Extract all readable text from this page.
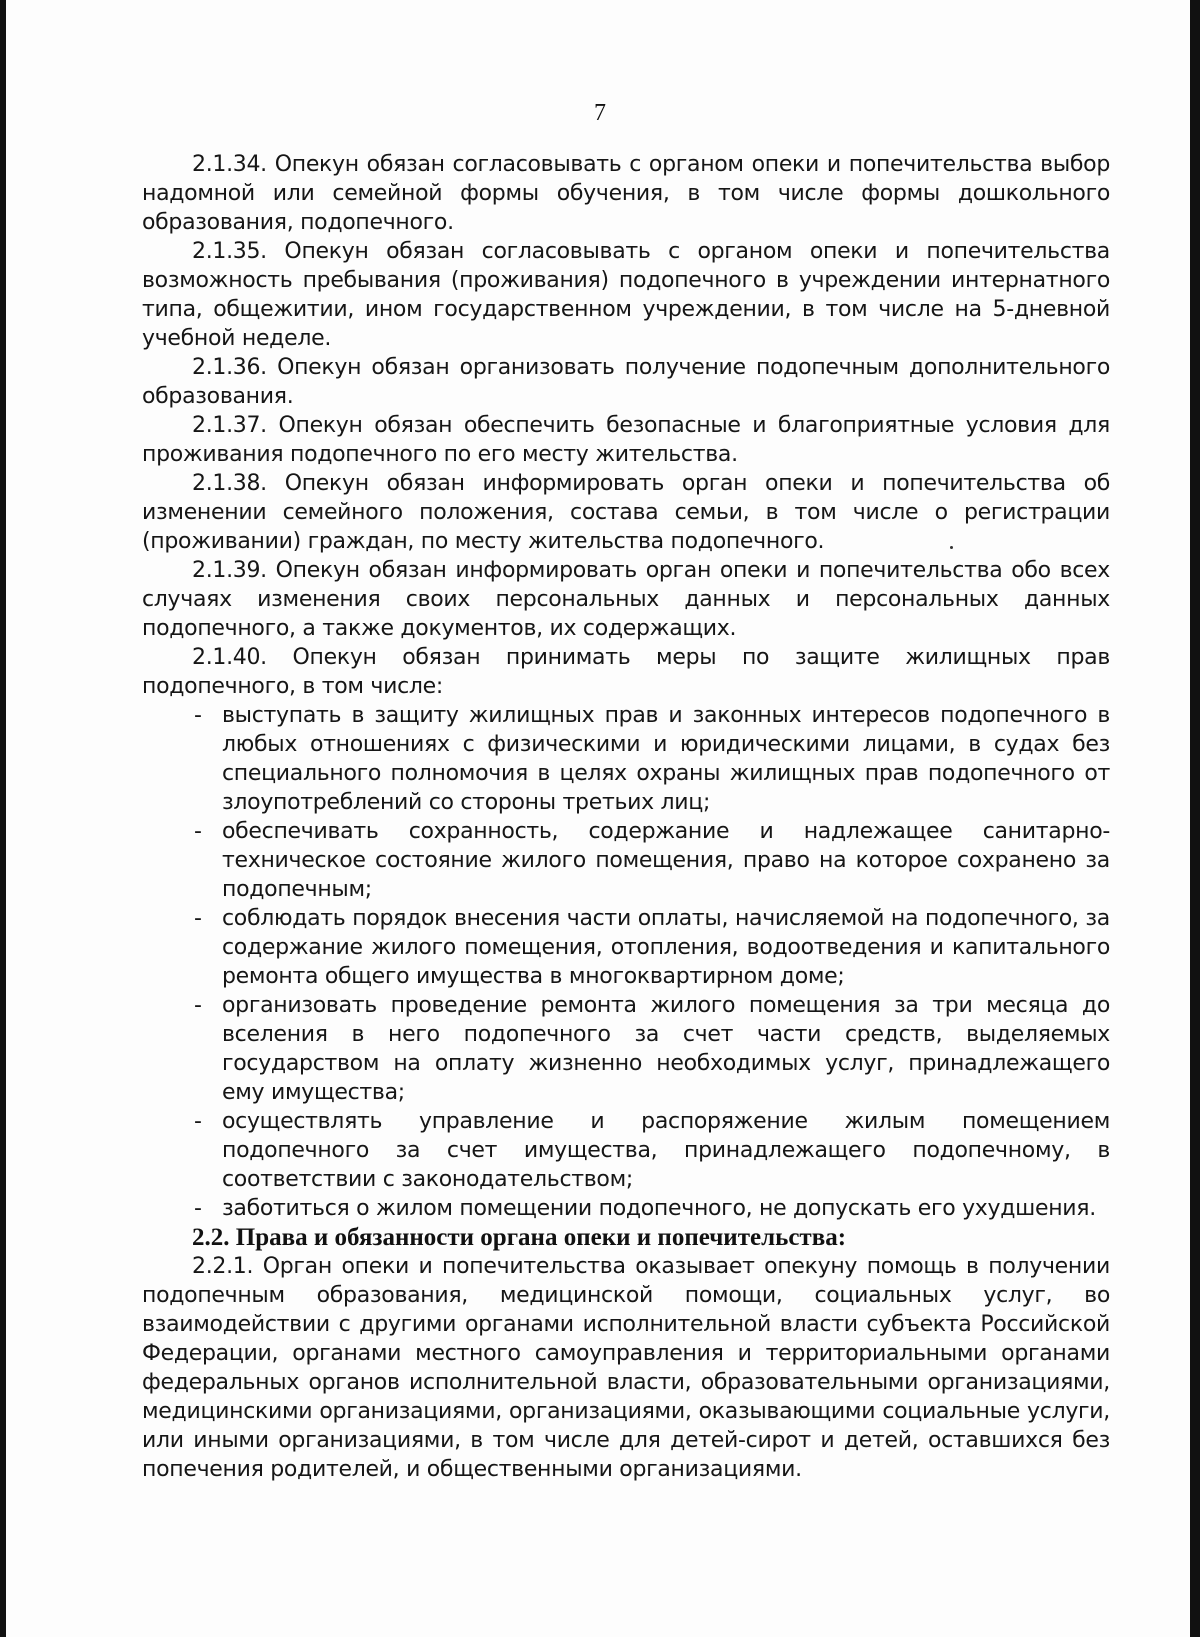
7

2.1.34. Опекун обязан согласовывать с органом опеки и попечительства выбор надомной или семейной формы обучения, в том числе формы дошкольного образования, подопечного.

2.1.35. Опекун обязан согласовывать с органом опеки и попечительства возможность пребывания (проживания) подопечного в учреждении интернатного типа, общежитии, ином государственном учреждении, в том числе на 5-дневной учебной неделе.

2.1.36. Опекун обязан организовать получение подопечным дополнительного образования.

2.1.37. Опекун обязан обеспечить безопасные и благоприятные условия для проживания подопечного по его месту жительства.

2.1.38. Опекун обязан информировать орган опеки и попечительства об изменении семейного положения, состава семьи, в том числе о регистрации (проживании) граждан, по месту жительства подопечного.

2.1.39. Опекун обязан информировать орган опеки и попечительства обо всех случаях изменения своих персональных данных и персональных данных подопечного, а также документов, их содержащих.

2.1.40. Опекун обязан принимать меры по защите жилищных прав подопечного, в том числе:

- выступать в защиту жилищных прав и законных интересов подопечного в любых отношениях с физическими и юридическими лицами, в судах без специального полномочия в целях охраны жилищных прав подопечного от злоупотреблений со стороны третьих лиц;
- обеспечивать сохранность, содержание и надлежащее санитарно-техническое состояние жилого помещения, право на которое сохранено за подопечным;
- соблюдать порядок внесения части оплаты, начисляемой на подопечного, за содержание жилого помещения, отопления, водоотведения и капитального ремонта общего имущества в многоквартирном доме;
- организовать проведение ремонта жилого помещения за три месяца до вселения в него подопечного за счет части средств, выделяемых государством на оплату жизненно необходимых услуг, принадлежащего ему имущества;
- осуществлять управление и распоряжение жилым помещением подопечного за счет имущества, принадлежащего подопечному, в соответствии с законодательством;
- заботиться о жилом помещении подопечного, не допускать его ухудшения.

2.2. Права и обязанности органа опеки и попечительства:

2.2.1. Орган опеки и попечительства оказывает опекуну помощь в получении подопечным образования, медицинской помощи, социальных услуг, во взаимодействии с другими органами исполнительной власти субъекта Российской Федерации, органами местного самоуправления и территориальными органами федеральных органов исполнительной власти, образовательными организациями, медицинскими организациями, организациями, оказывающими социальные услуги, или иными организациями, в том числе для детей-сирот и детей, оставшихся без попечения родителей, и общественными организациями.
